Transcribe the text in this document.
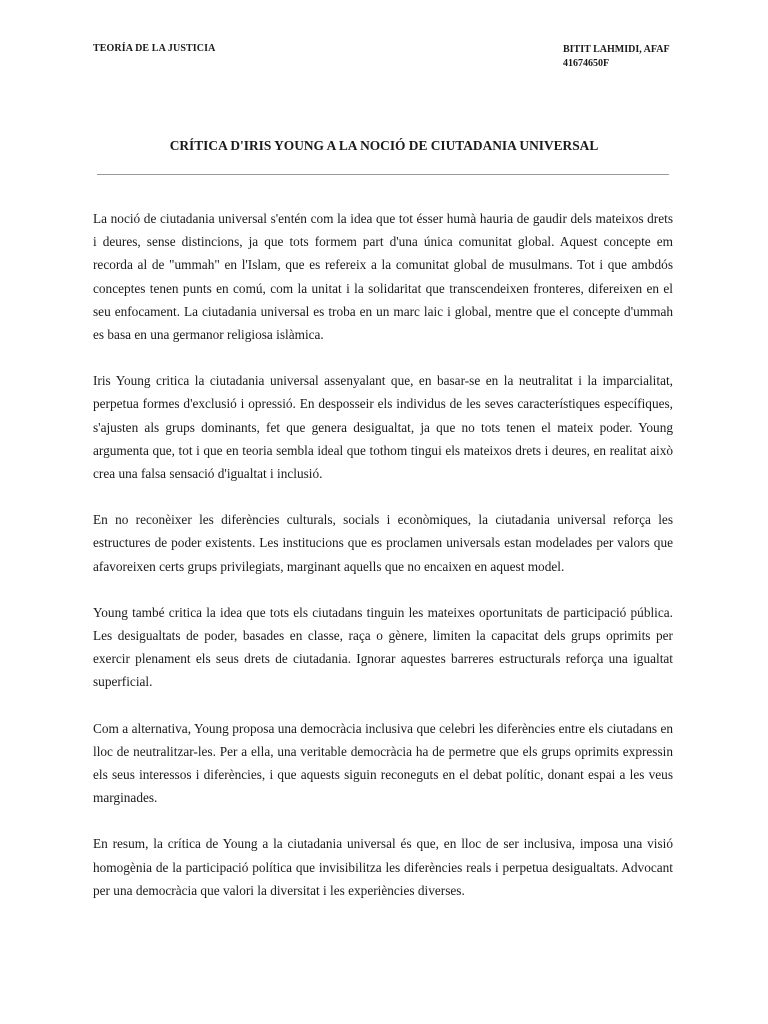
TEORÍA DE LA JUSTICIA	BITIT LAHMIDI, AFAF
41674650F
CRÍTICA D'IRIS YOUNG A LA NOCIÓ DE CIUTADANIA UNIVERSAL

La noció de ciutadania universal s'entén com la idea que tot ésser humà hauria de gaudir dels mateixos drets i deures, sense distincions, ja que tots formem part d'una única comunitat global. Aquest concepte em recorda al de "ummah" en l'Islam, que es refereix a la comunitat global de musulmans. Tot i que ambdós conceptes tenen punts en comú, com la unitat i la solidaritat que transcendeixen fronteres, difereixen en el seu enfocament. La ciutadania universal es troba en un marc laic i global, mentre que el concepte d'ummah es basa en una germanor religiosa islàmica.

Iris Young critica la ciutadania universal assenyalant que, en basar-se en la neutralitat i la imparcialitat, perpetua formes d'exclusió i opressió. En desposseir els individus de les seves característiques específiques, s'ajusten als grups dominants, fet que genera desigualtat, ja que no tots tenen el mateix poder. Young argumenta que, tot i que en teoria sembla ideal que tothom tingui els mateixos drets i deures, en realitat això crea una falsa sensació d'igualtat i inclusió.

En no reconèixer les diferències culturals, socials i econòmiques, la ciutadania universal reforça les estructures de poder existents. Les institucions que es proclamen universals estan modelades per valors que afavoreixen certs grups privilegiats, marginant aquells que no encaixen en aquest model.

Young també critica la idea que tots els ciutadans tinguin les mateixes oportunitats de participació pública. Les desigualtats de poder, basades en classe, raça o gènere, limiten la capacitat dels grups oprimits per exercir plenament els seus drets de ciutadania. Ignorar aquestes barreres estructurals reforça una igualtat superficial.

Com a alternativa, Young proposa una democràcia inclusiva que celebri les diferències entre els ciutadans en lloc de neutralitzar-les. Per a ella, una veritable democràcia ha de permetre que els grups oprimits expressin els seus interessos i diferències, i que aquests siguin reconeguts en el debat polític, donant espai a les veus marginades.

En resum, la crítica de Young a la ciutadania universal és que, en lloc de ser inclusiva, imposa una visió homogènia de la participació política que invisibilitza les diferències reals i perpetua desigualtats. Advocant per una democràcia que valori la diversitat i les experiències diverses.
